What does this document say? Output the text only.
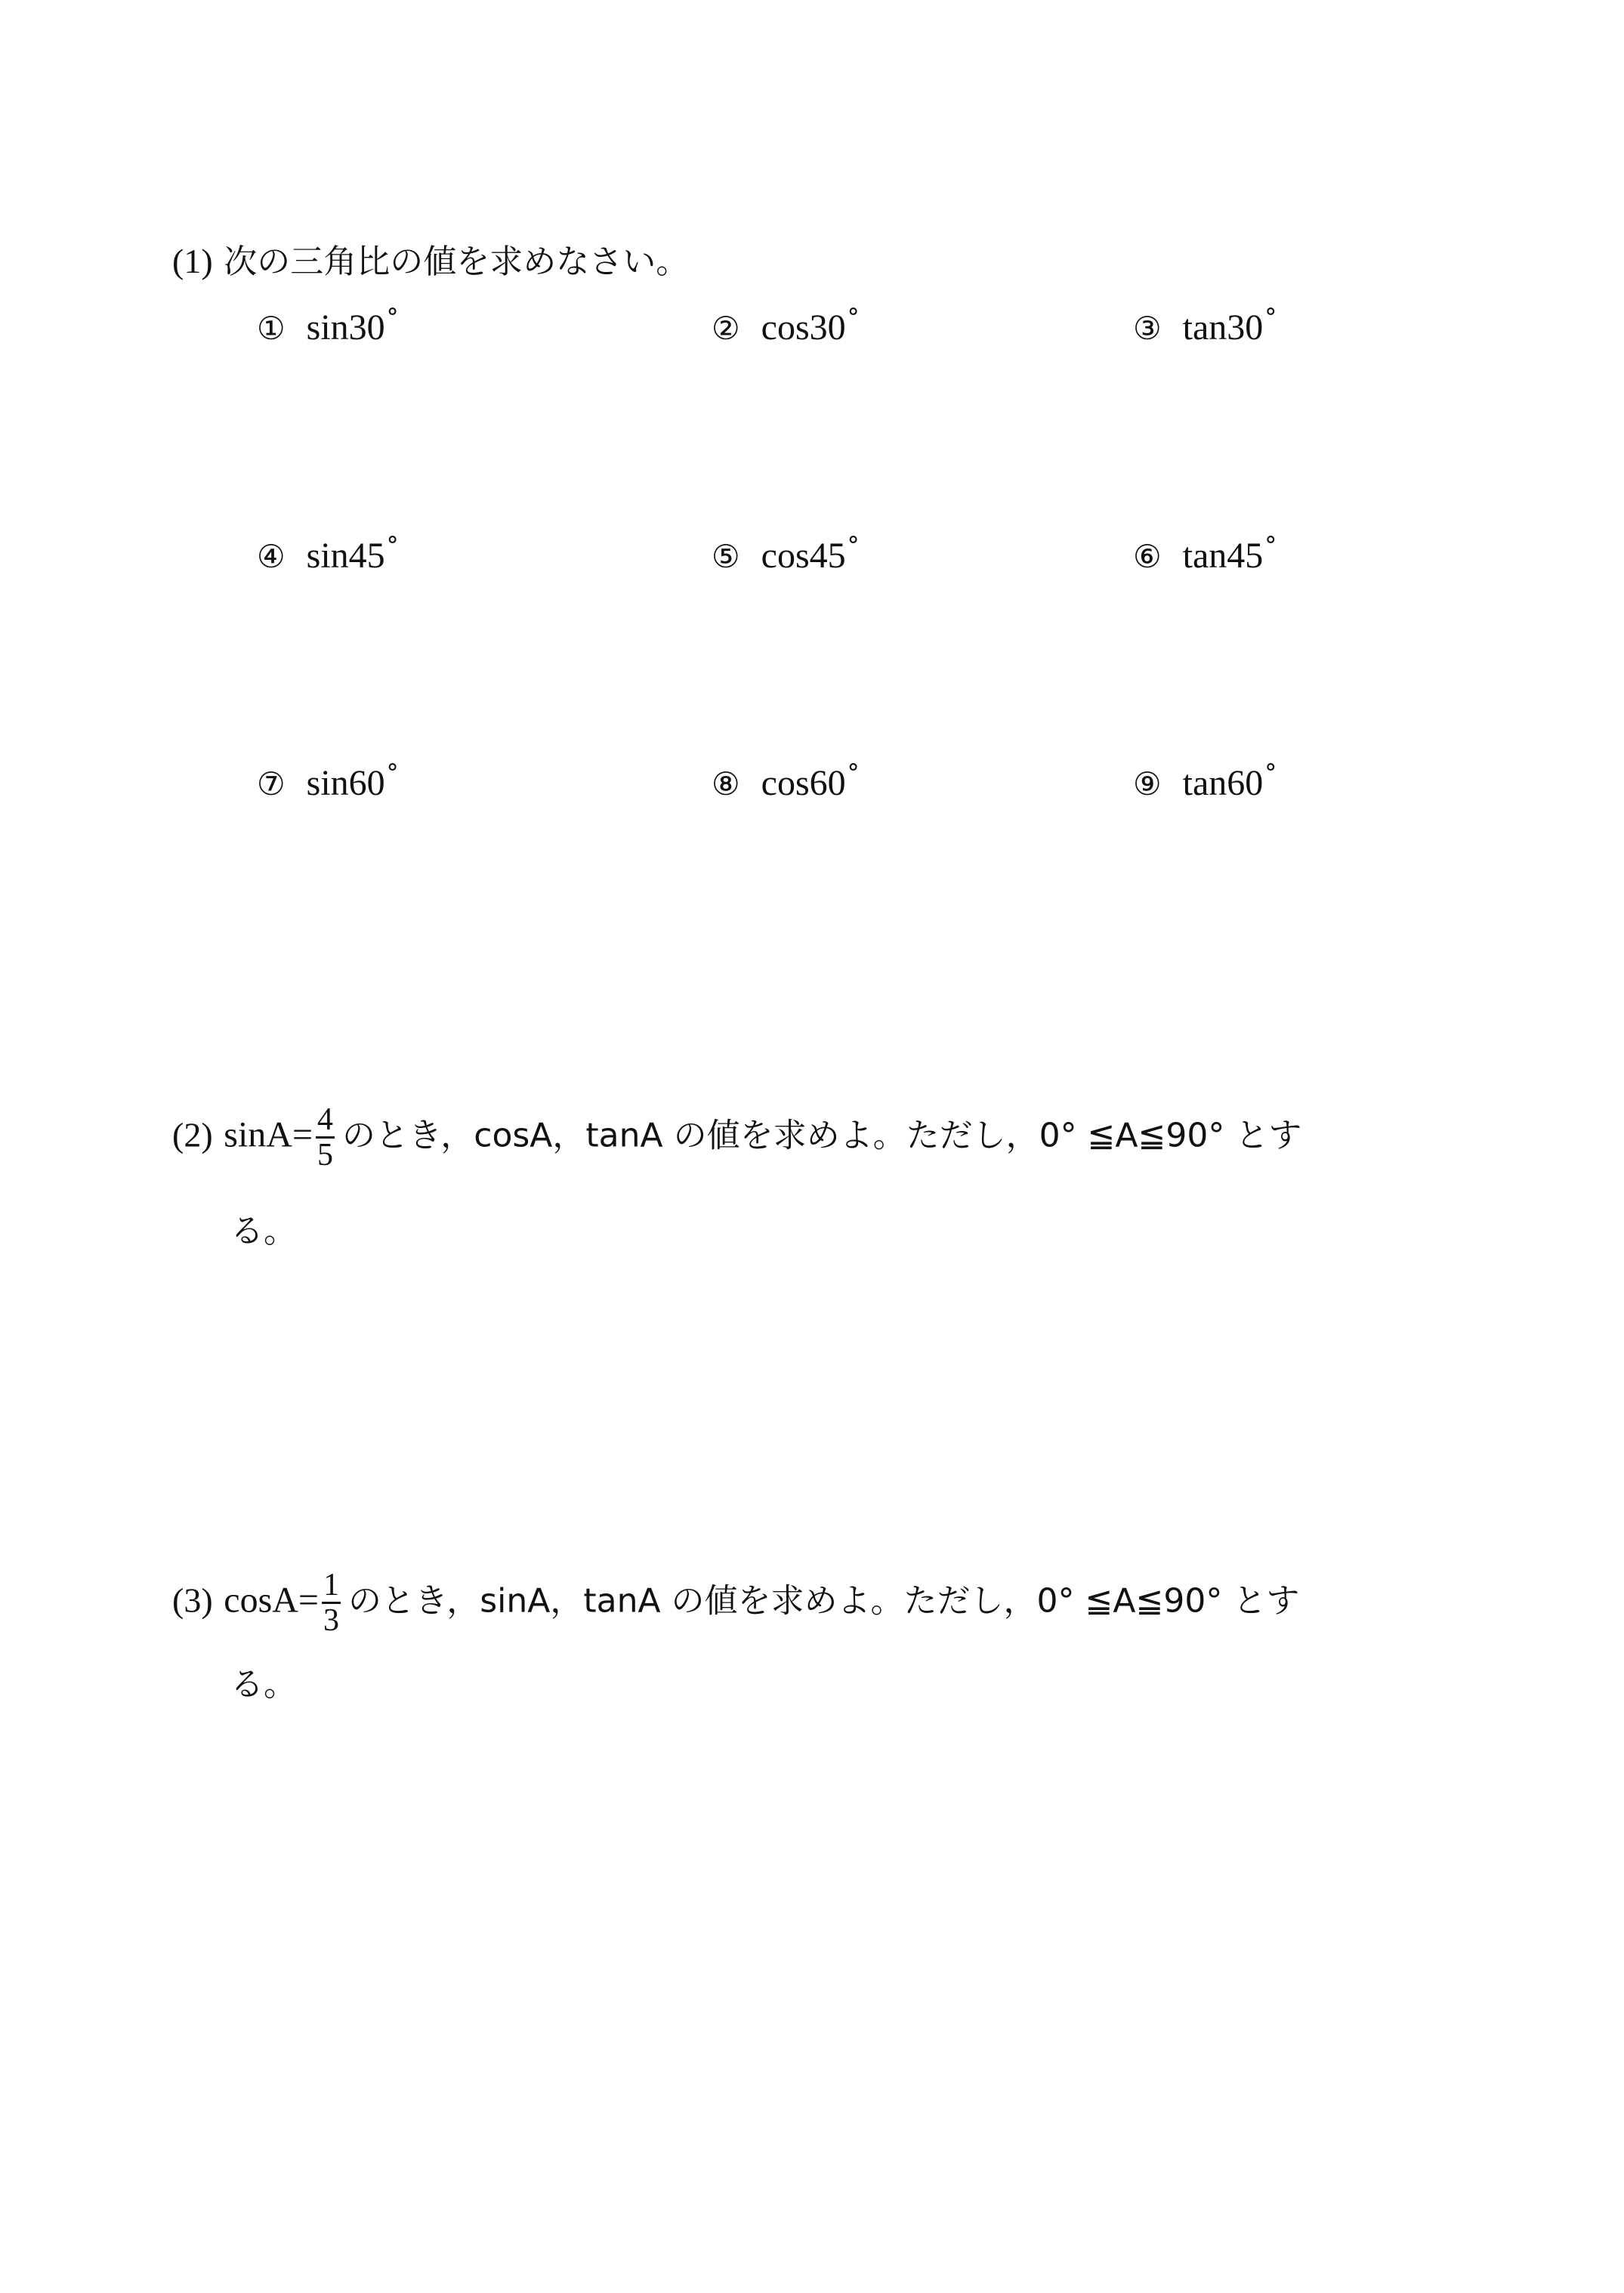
(1) 次の三角比の値を求めなさい。
① sin30°	② cos30°	③ tan30°
④ sin45°	⑤ cos45°	⑥ tan45°
⑦ sin60°	⑧ cos60°	⑨ tan60°
(2) $\sin A= \frac{4}{5}$ のとき，cosA，tanA の値を求めよ。ただし，0° ≦A≦90° とす
る。
(3) $\cos A= \frac{1}{3}$ のとき，sinA，tanA の値を求めよ。ただし，0° ≦A≦90° とす
る。
